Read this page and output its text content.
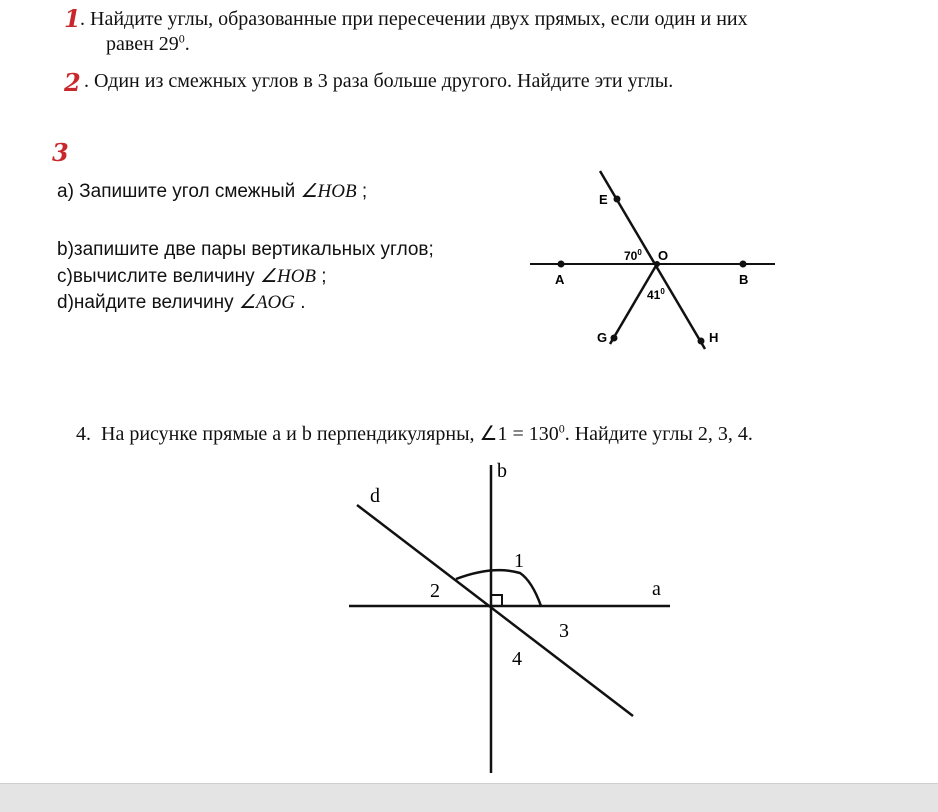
1 . Найдите углы, образованные при пересечении двух прямых, если один и них
равен $29^0$.
2 . Один из смежных углов в 3 раза больше другого. Найдите эти углы.
3
а) Запишите угол смежный ∠HOB ;
b)запишите две пары вертикальных углов;
c)вычислите величину ∠HOB ;
d)найдите величину ∠AOG .
E
O
A	B
G	H
$70^0$
$41^0$
4. На рисунке прямые а и b перпендикулярны, ∠1 = $130^0$. Найдите углы 2, 3, 4.
b
d
a
1
2
3
4
